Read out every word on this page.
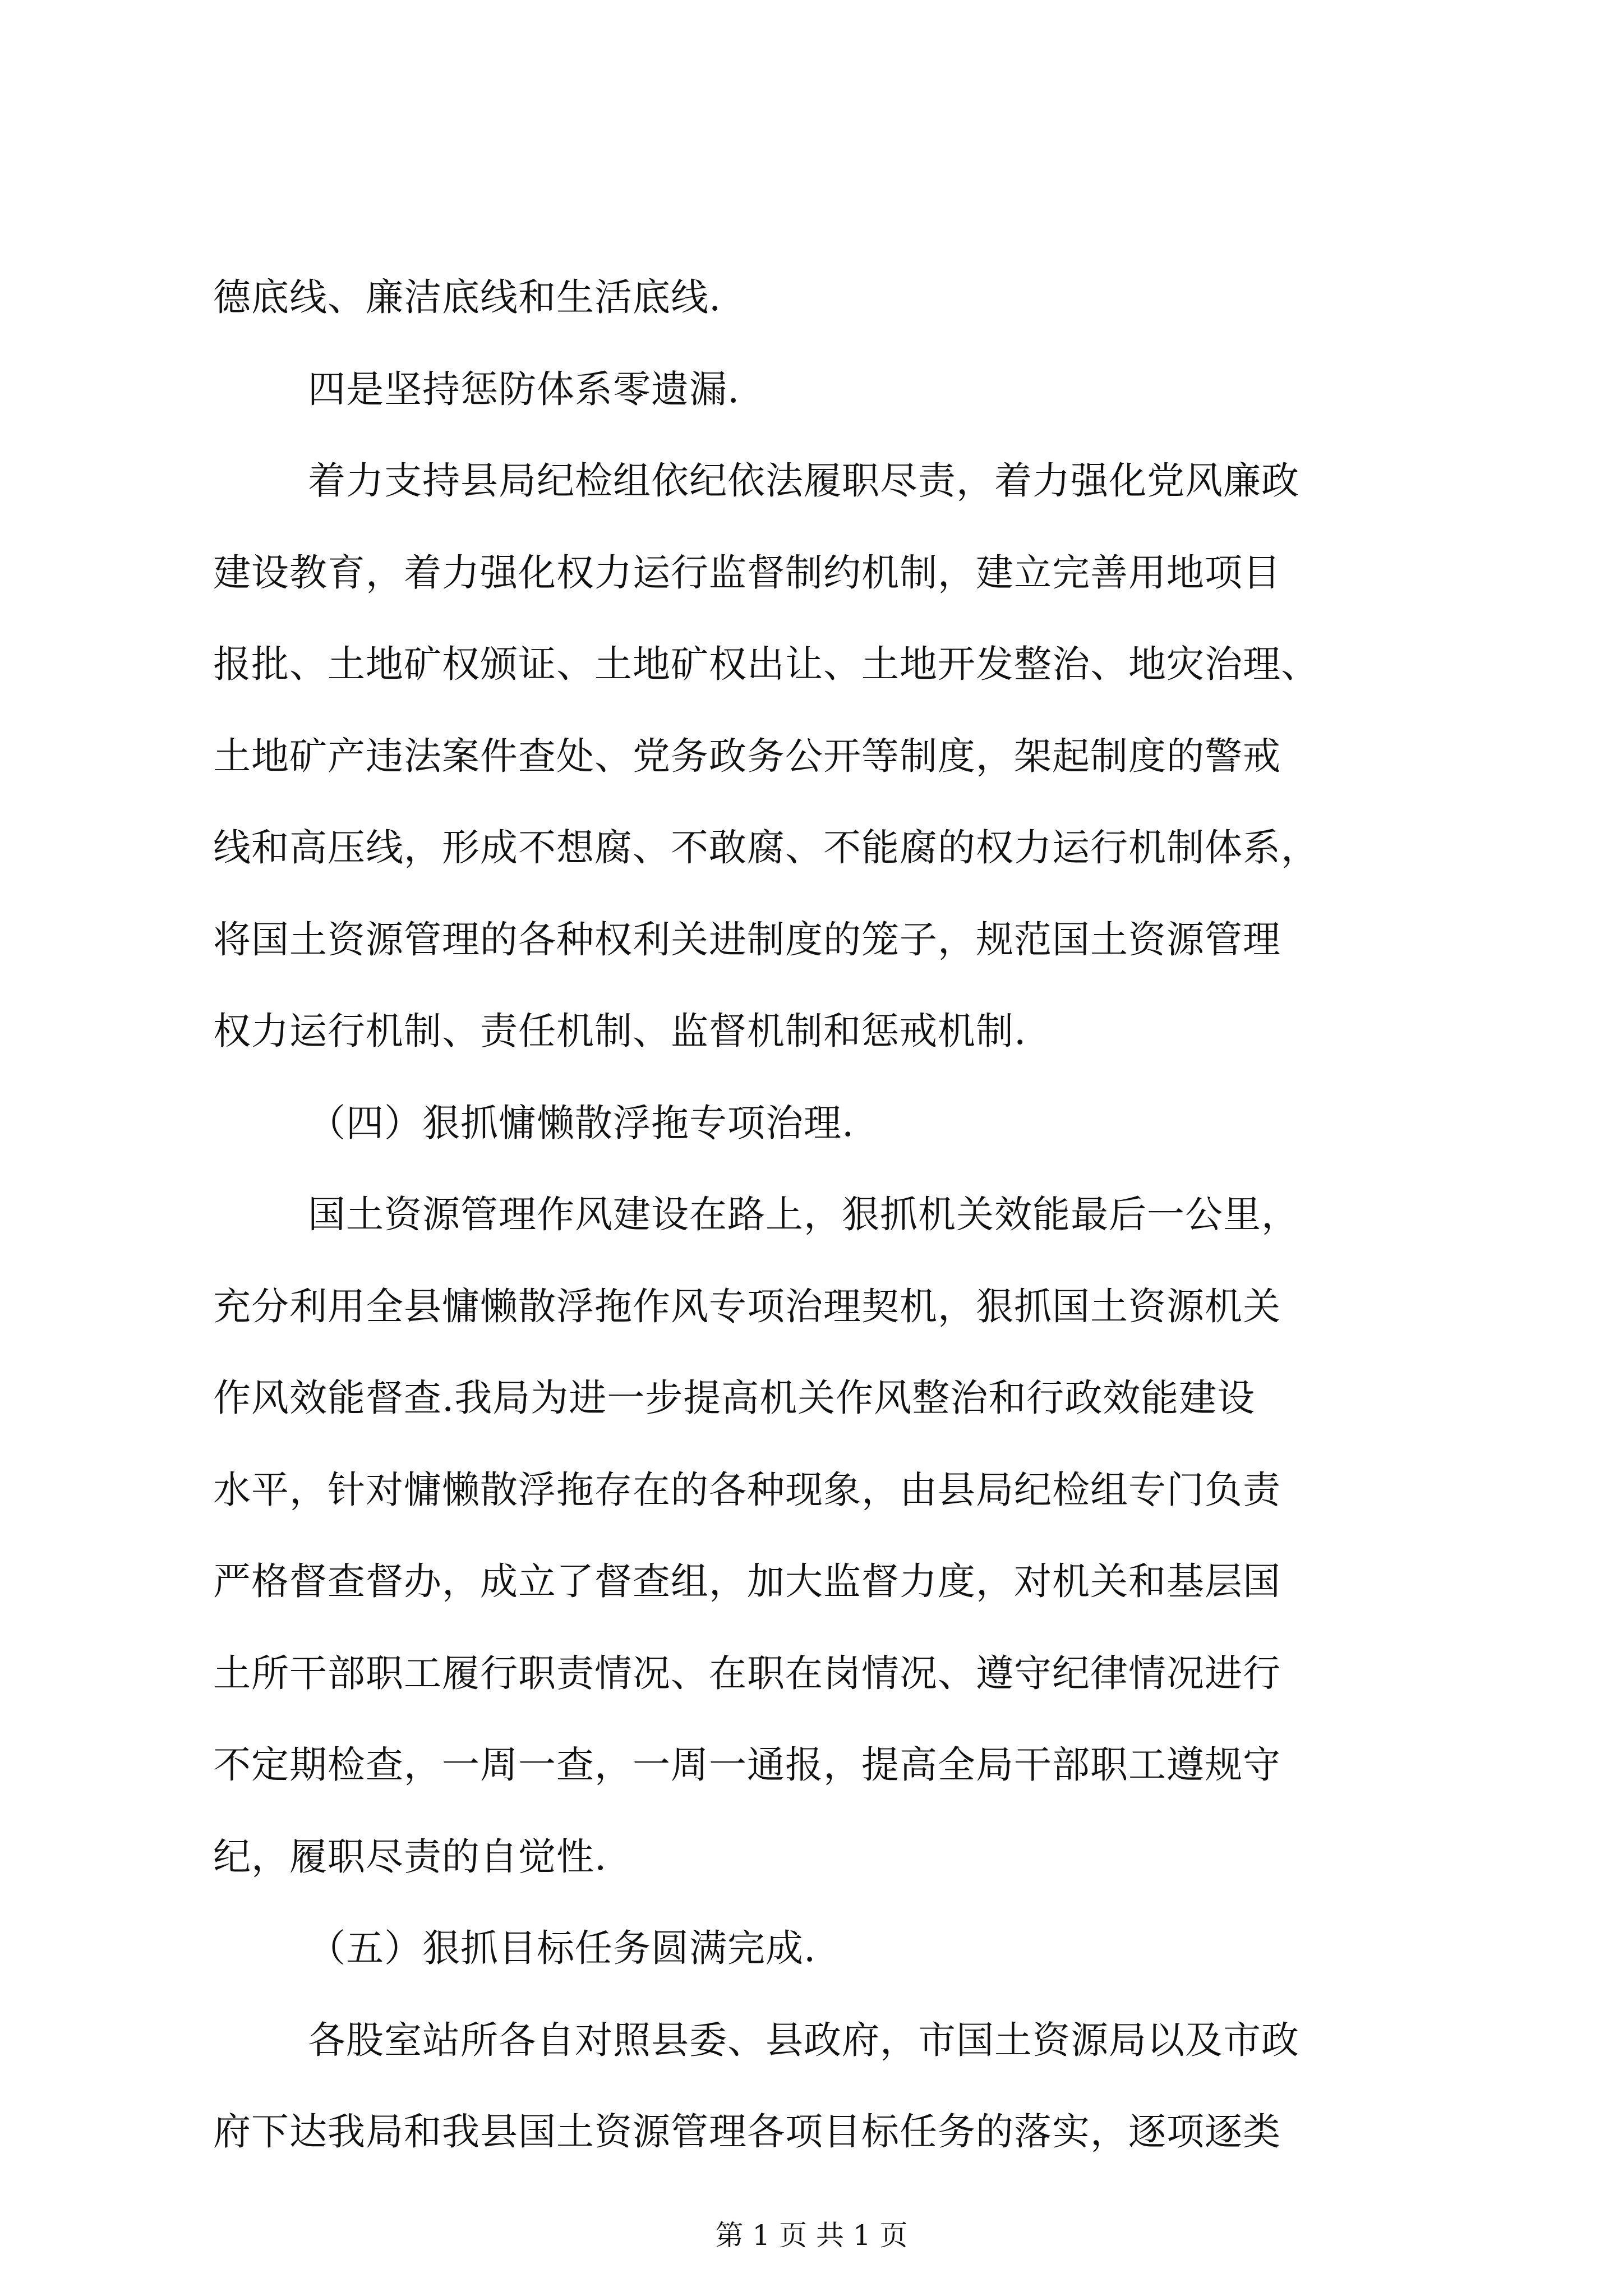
德底线、廉洁底线和生活底线.
四是坚持惩防体系零遗漏.
着力支持县局纪检组依纪依法履职尽责，着力强化党风廉政
建设教育，着力强化权力运行监督制约机制，建立完善用地项目
报批、土地矿权颁证、土地矿权出让、土地开发整治、地灾治理、
土地矿产违法案件查处、党务政务公开等制度，架起制度的警戒
线和高压线，形成不想腐、不敢腐、不能腐的权力运行机制体系，
将国土资源管理的各种权利关进制度的笼子，规范国土资源管理
权力运行机制、责任机制、监督机制和惩戒机制.
（四）狠抓慵懒散浮拖专项治理.
国土资源管理作风建设在路上，狠抓机关效能最后一公里，
充分利用全县慵懒散浮拖作风专项治理契机，狠抓国土资源机关
作风效能督查.我局为进一步提高机关作风整治和行政效能建设
水平，针对慵懒散浮拖存在的各种现象，由县局纪检组专门负责
严格督查督办，成立了督查组，加大监督力度，对机关和基层国
土所干部职工履行职责情况、在职在岗情况、遵守纪律情况进行
不定期检查，一周一查，一周一通报，提高全局干部职工遵规守
纪，履职尽责的自觉性.
（五）狠抓目标任务圆满完成.
各股室站所各自对照县委、县政府，市国土资源局以及市政
府下达我局和我县国土资源管理各项目标任务的落实，逐项逐类
第 1 页 共 1 页
